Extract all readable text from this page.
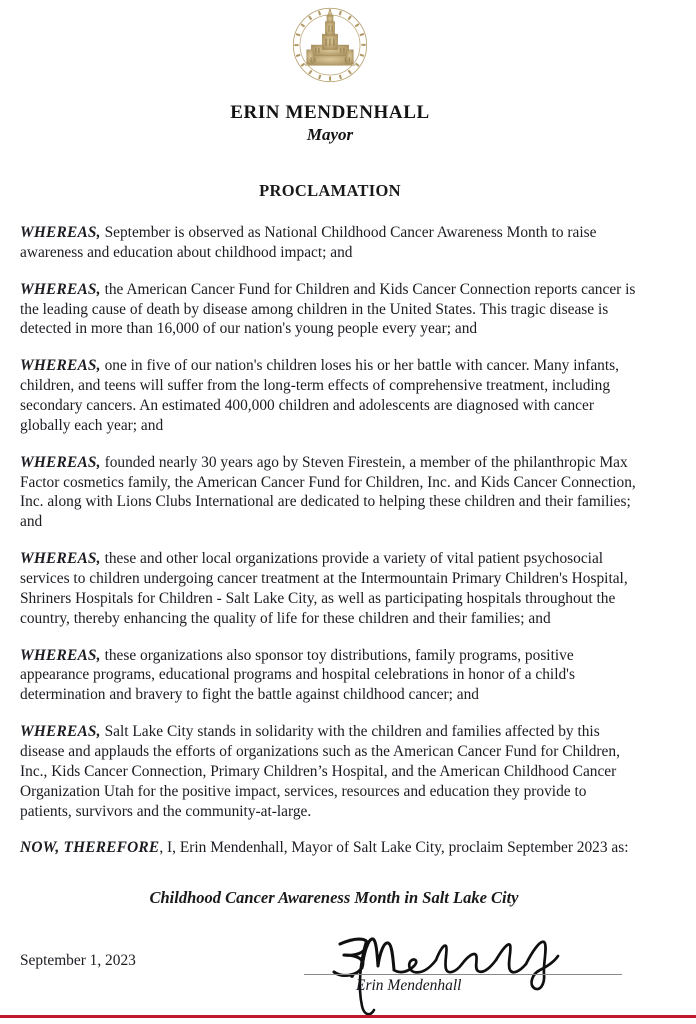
ERIN MENDENHALL
Mayor
PROCLAMATION

WHEREAS, September is observed as National Childhood Cancer Awareness Month to raise awareness and education about childhood impact; and

WHEREAS, the American Cancer Fund for Children and Kids Cancer Connection reports cancer is the leading cause of death by disease among children in the United States. This tragic disease is detected in more than 16,000 of our nation's young people every year; and

WHEREAS, one in five of our nation's children loses his or her battle with cancer. Many infants, children, and teens will suffer from the long-term effects of comprehensive treatment, including secondary cancers. An estimated 400,000 children and adolescents are diagnosed with cancer globally each year; and

WHEREAS, founded nearly 30 years ago by Steven Firestein, a member of the philanthropic Max Factor cosmetics family, the American Cancer Fund for Children, Inc. and Kids Cancer Connection, Inc. along with Lions Clubs International are dedicated to helping these children and their families; and

WHEREAS, these and other local organizations provide a variety of vital patient psychosocial services to children undergoing cancer treatment at the Intermountain Primary Children's Hospital, Shriners Hospitals for Children - Salt Lake City, as well as participating hospitals throughout the country, thereby enhancing the quality of life for these children and their families; and

WHEREAS, these organizations also sponsor toy distributions, family programs, positive appearance programs, educational programs and hospital celebrations in honor of a child's determination and bravery to fight the battle against childhood cancer; and

WHEREAS, Salt Lake City stands in solidarity with the children and families affected by this disease and applauds the efforts of organizations such as the American Cancer Fund for Children, Inc., Kids Cancer Connection, Primary Children’s Hospital, and the American Childhood Cancer Organization Utah for the positive impact, services, resources and education they provide to patients, survivors and the community-at-large.

NOW, THEREFORE, I, Erin Mendenhall, Mayor of Salt Lake City, proclaim September 2023 as:

Childhood Cancer Awareness Month in Salt Lake City
September 1, 2023
Erin Mendenhall
